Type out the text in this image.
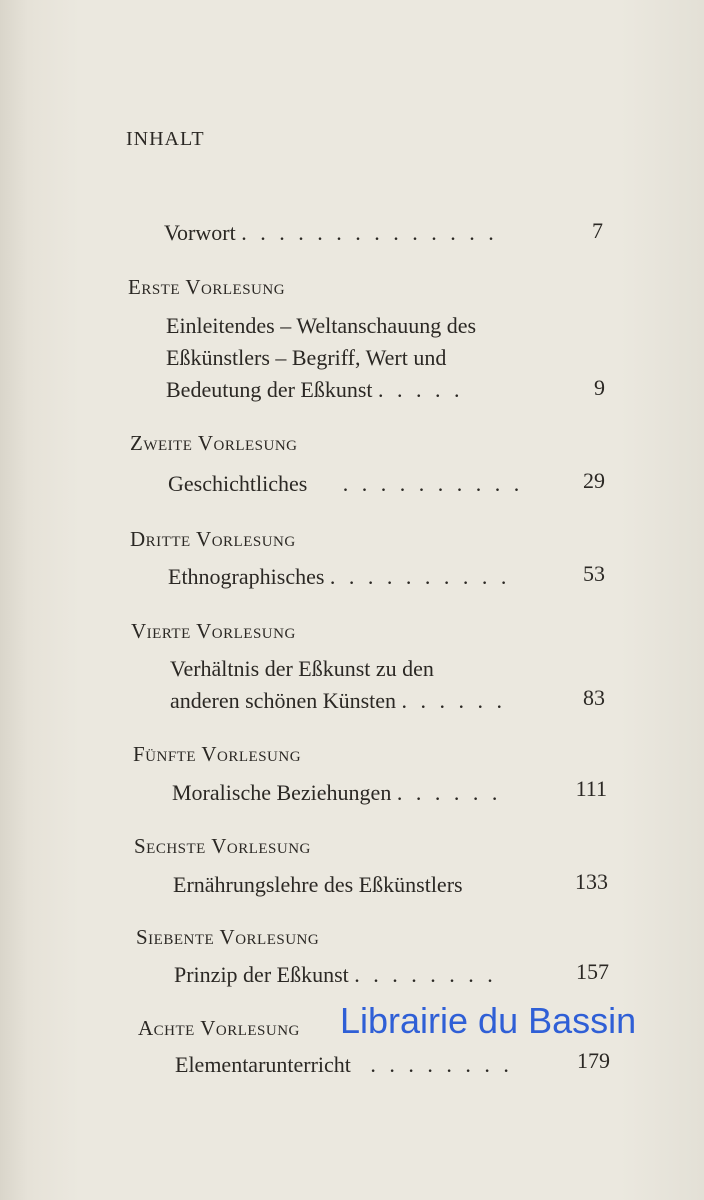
INHALT
Vorwort . . . . . . . . . . . . . .	7
Erste Vorlesung
Einleitendes – Weltanschauung des
Eßkünstlers – Begriff, Wert und
Bedeutung der Eßkunst . . . . .	9
Zweite Vorlesung
Geschichtliches . . . . . . . . . .	29
Dritte Vorlesung
Ethnographisches . . . . . . . . . .	53
Vierte Vorlesung
Verhältnis der Eßkunst zu den
anderen schönen Künsten . . . . . .	83
Fünfte Vorlesung
Moralische Beziehungen . . . . . .	111
Sechste Vorlesung
Ernährungslehre des Eßkünstlers	133
Siebente Vorlesung
Prinzip der Eßkunst . . . . . . . .	157
Achte Vorlesung
Elementarunterricht . . . . . . . .	179
Librairie du Bassin
